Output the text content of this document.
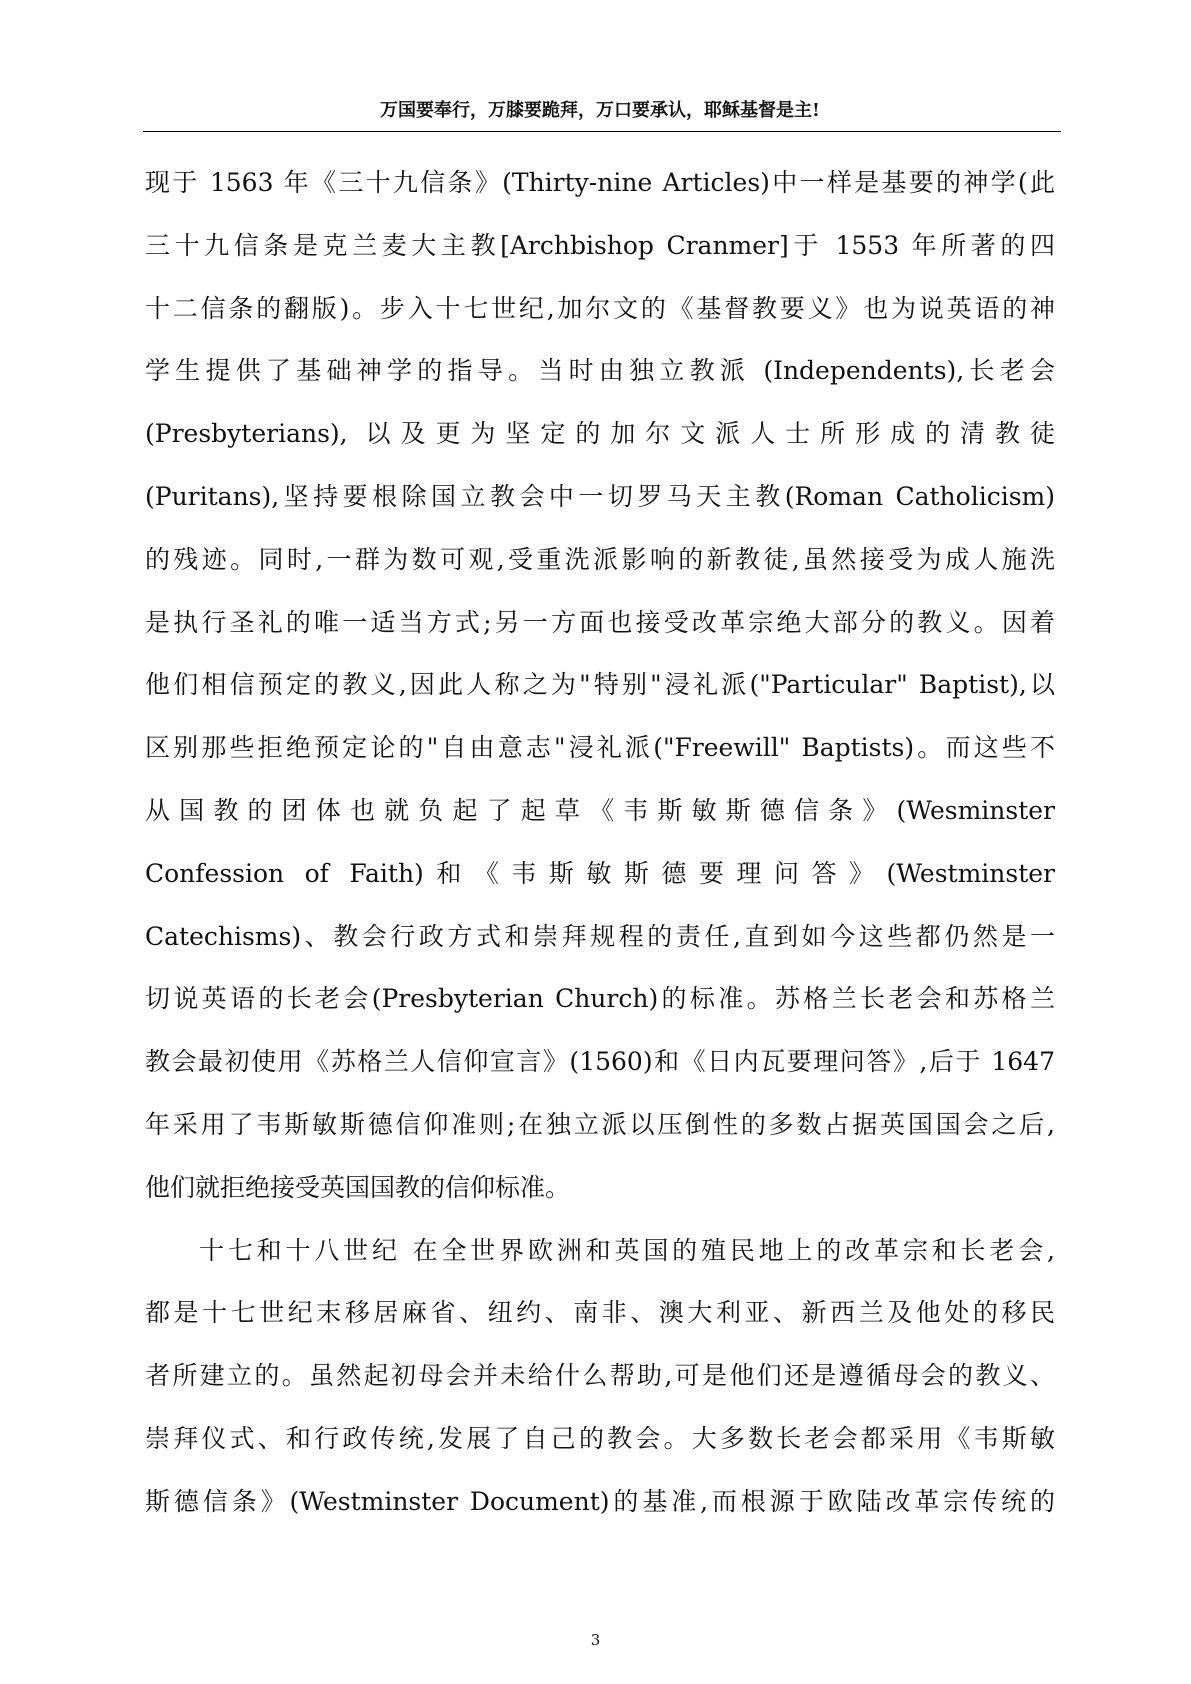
万国要奉行，万膝要跪拜，万口要承认，耶稣基督是主!
现于 1563 年《三十九信条》(Thirty-nine Articles)中一样是基要的神学(此
三十九信条是克兰麦大主教[Archbishop Cranmer]于 1553 年所著的四
十二信条的翻版)。步入十七世纪,加尔文的《基督教要义》也为说英语的神
学生提供了基础神学的指导。当时由独立教派 (Independents),长老会
(Presbyterians), 以及更为坚定的加尔文派人士所形成的清教徒
(Puritans),坚持要根除国立教会中一切罗马天主教(Roman Catholicism)
的残迹。同时,一群为数可观,受重洗派影响的新教徒,虽然接受为成人施洗
是执行圣礼的唯一适当方式;另一方面也接受改革宗绝大部分的教义。因着
他们相信预定的教义,因此人称之为"特别"浸礼派("Particular" Baptist),以
区别那些拒绝预定论的"自由意志"浸礼派("Freewill" Baptists)。而这些不
从国教的团体也就负起了起草《韦斯敏斯德信条》(Wesminster
Confession of Faith)和《韦斯敏斯德要理问答》(Westminster
Catechisms)、教会行政方式和崇拜规程的责任,直到如今这些都仍然是一
切说英语的长老会(Presbyterian Church)的标准。苏格兰长老会和苏格兰
教会最初使用《苏格兰人信仰宣言》(1560)和《日内瓦要理问答》,后于 1647
年采用了韦斯敏斯德信仰准则;在独立派以压倒性的多数占据英国国会之后,
他们就拒绝接受英国国教的信仰标准。
十七和十八世纪 在全世界欧洲和英国的殖民地上的改革宗和长老会,
都是十七世纪末移居麻省、纽约、南非、澳大利亚、新西兰及他处的移民
者所建立的。虽然起初母会并未给什么帮助,可是他们还是遵循母会的教义、
崇拜仪式、和行政传统,发展了自己的教会。大多数长老会都采用《韦斯敏
斯德信条》(Westminster Document)的基准,而根源于欧陆改革宗传统的
3
